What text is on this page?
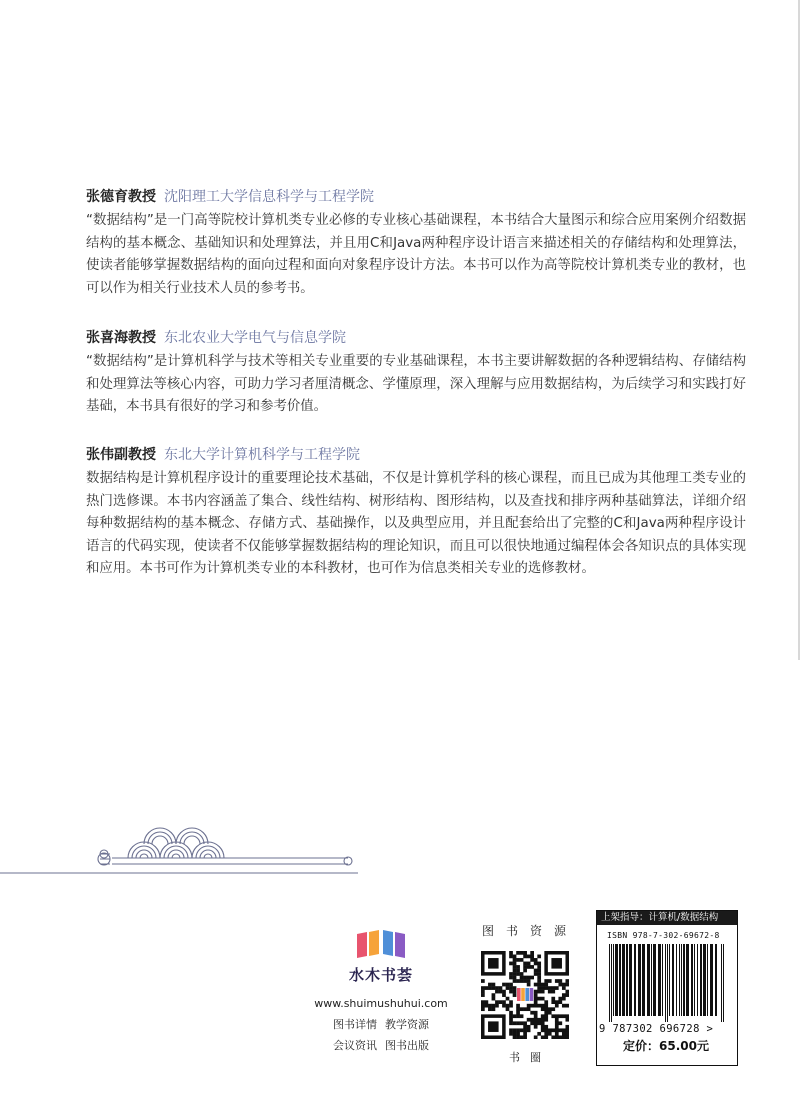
张德育教授 沈阳理工大学信息科学与工程学院

“数据结构”是一门高等院校计算机类专业必修的专业核心基础课程，本书结合大量图示和综合应用案例介绍数据结构的基本概念、基础知识和处理算法，并且用C和Java两种程序设计语言来描述相关的存储结构和处理算法，使读者能够掌握数据结构的面向过程和面向对象程序设计方法。本书可以作为高等院校计算机类专业的教材，也可以作为相关行业技术人员的参考书。

张喜海教授 东北农业大学电气与信息学院

“数据结构”是计算机科学与技术等相关专业重要的专业基础课程，本书主要讲解数据的各种逻辑结构、存储结构和处理算法等核心内容，可助力学习者厘清概念、学懂原理，深入理解与应用数据结构，为后续学习和实践打好基础，本书具有很好的学习和参考价值。

张伟副教授 东北大学计算机科学与工程学院

数据结构是计算机程序设计的重要理论技术基础，不仅是计算机学科的核心课程，而且已成为其他理工类专业的热门选修课。本书内容涵盖了集合、线性结构、树形结构、图形结构，以及查找和排序两种基础算法，详细介绍每种数据结构的基本概念、存储方式、基础操作，以及典型应用，并且配套给出了完整的C和Java两种程序设计语言的代码实现，使读者不仅能够掌握数据结构的理论知识，而且可以很快地通过编程体会各知识点的具体实现和应用。本书可作为计算机类专业的本科教材，也可作为信息类相关专业的选修教材。

水木书荟
www.shuimushuhui.com
图书详情 教学资源
会议资讯 图书出版
图书资源
书圈
上架指导：计算机/数据结构
ISBN 978-7-302-69672-8
9 787302 696728 >
定价：65.00元
